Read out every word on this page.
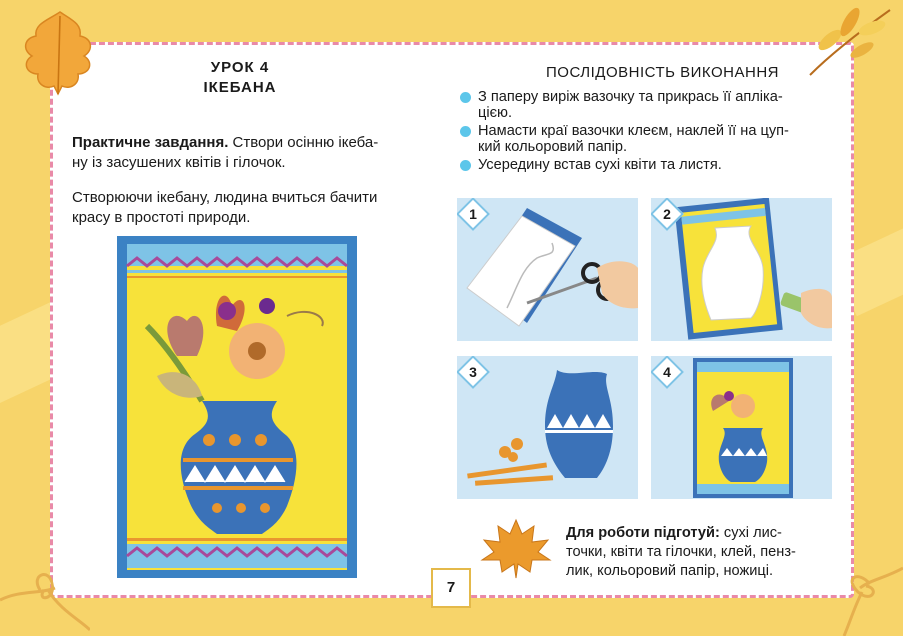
УРОК 4
ІКЕБАНА
Практичне завдання. Створи осінню ікеба-
ну із засушених квітів і гілочок.
Створюючи ікебану, людина вчиться бачити
красу в простоті природи.
ПОСЛІДОВНІСТЬ ВИКОНАННЯ
З паперу виріж вазочку та прикрась її апліка-
цією.
Намасти краї вазочки клеєм, наклей її на цуп-
кий кольоровий папір.
Усередину встав сухі квіти та листя.
1	2
3	4
Для роботи підготуй: сухі лис-
точки, квіти та гілочки, клей, пенз-
лик, кольоровий папір, ножиці.
7
